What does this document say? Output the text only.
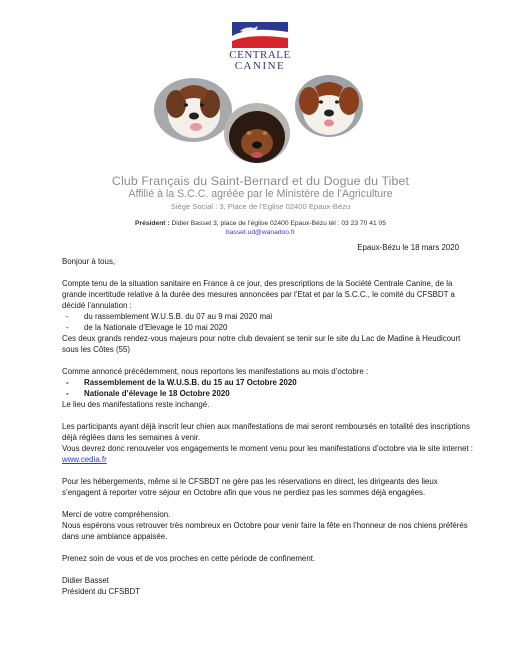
CENTRALE
CANINE
Club Français du Saint-Bernard et du Dogue du Tibet
Affilié à la S.C.C. agréée par le Ministère de l’Agriculture
Siège Social : 3, Place de l’Eglise 02400 Epaux-Bézu
Président : Didier Basset 3, place de l’église 02400 Epaux-Bézu tél : 03 23 70 41 05
basset.ud@wanadoo.fr
Epaux-Bézu le 18 mars 2020

Bonjour à tous,

Compte tenu de la situation sanitaire en France à ce jour, des prescriptions de la Société Centrale Canine, de la grande incertitude relative à la durée des mesures annoncées par l’Etat et par la S.C.C., le comité du CFSBDT a décidé l’annulation :

- du rassemblement W.U.S.B. du 07 au 9 mai 2020 mai

- de la Nationale d’Elevage le 10 mai 2020

Ces deux grands rendez-vous majeurs pour notre club devaient se tenir sur le site du Lac de Madine à Heudicourt sous les Côtes (55)

Comme annoncé précédemment, nous reportons les manifestations au mois d’octobre :

- Rassemblement de la W.U.S.B. du 15 au 17 Octobre 2020

- Nationale d’élevage le 18 Octobre 2020

Le lieu des manifestations reste inchangé.

Les participants ayant déjà inscrit leur chien aux manifestations de mai seront remboursés en totalité des inscriptions déjà réglées dans les semaines à venir.

Vous devrez donc renouveler vos engagements le moment venu pour les manifestations d’octobre via le site internet : www.cedia.fr

Pour les hébergements, même si le CFSBDT ne gère pas les réservations en direct, les dirigeants des lieux s’engagent à reporter votre séjour en Octobre afin que vous ne perdiez pas les sommes déjà engagées.

Merci de votre compréhension.

Nous espérons vous retrouver très nombreux en Octobre pour venir faire la fête en l’honneur de nos chiens préférés dans une ambiance appaisée.

Prenez soin de vous et de vos proches en cette période de confinement.

Didier Basset

Président du CFSBDT
